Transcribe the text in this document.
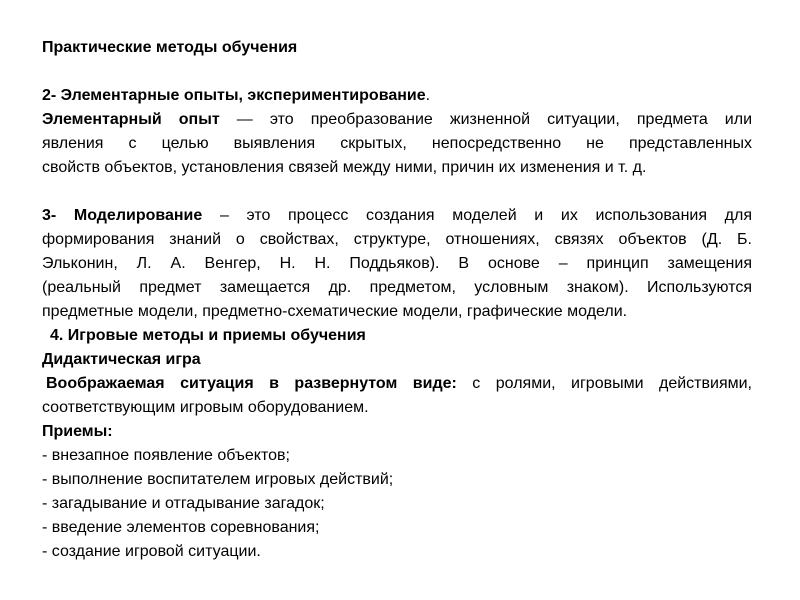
Практические методы обучения
2- Элементарные опыты, экспериментирование.
Элементарный опыт — это преобразование жизненной ситуации, предмета или
явления с целью выявления скрытых, непосредственно не представленных
свойств объектов, установления связей между ними, причин их изменения и т. д.
3- Моделирование – это процесс создания моделей и их использования для
формирования знаний о свойствах, структуре, отношениях, связях объектов (Д. Б.
Эльконин, Л. А. Венгер, Н. Н. Поддьяков). В основе – принцип замещения
(реальный предмет замещается др. предметом, условным знаком). Используются
предметные модели, предметно-схематические модели, графические модели.
4. Игровые методы и приемы обучения
Дидактическая игра
Воображаемая ситуация в развернутом виде: с ролями, игровыми действиями,
соответствующим игровым оборудованием.
Приемы:
- внезапное появление объектов;
- выполнение воспитателем игровых действий;
- загадывание и отгадывание загадок;
- введение элементов соревнования;
- создание игровой ситуации.
